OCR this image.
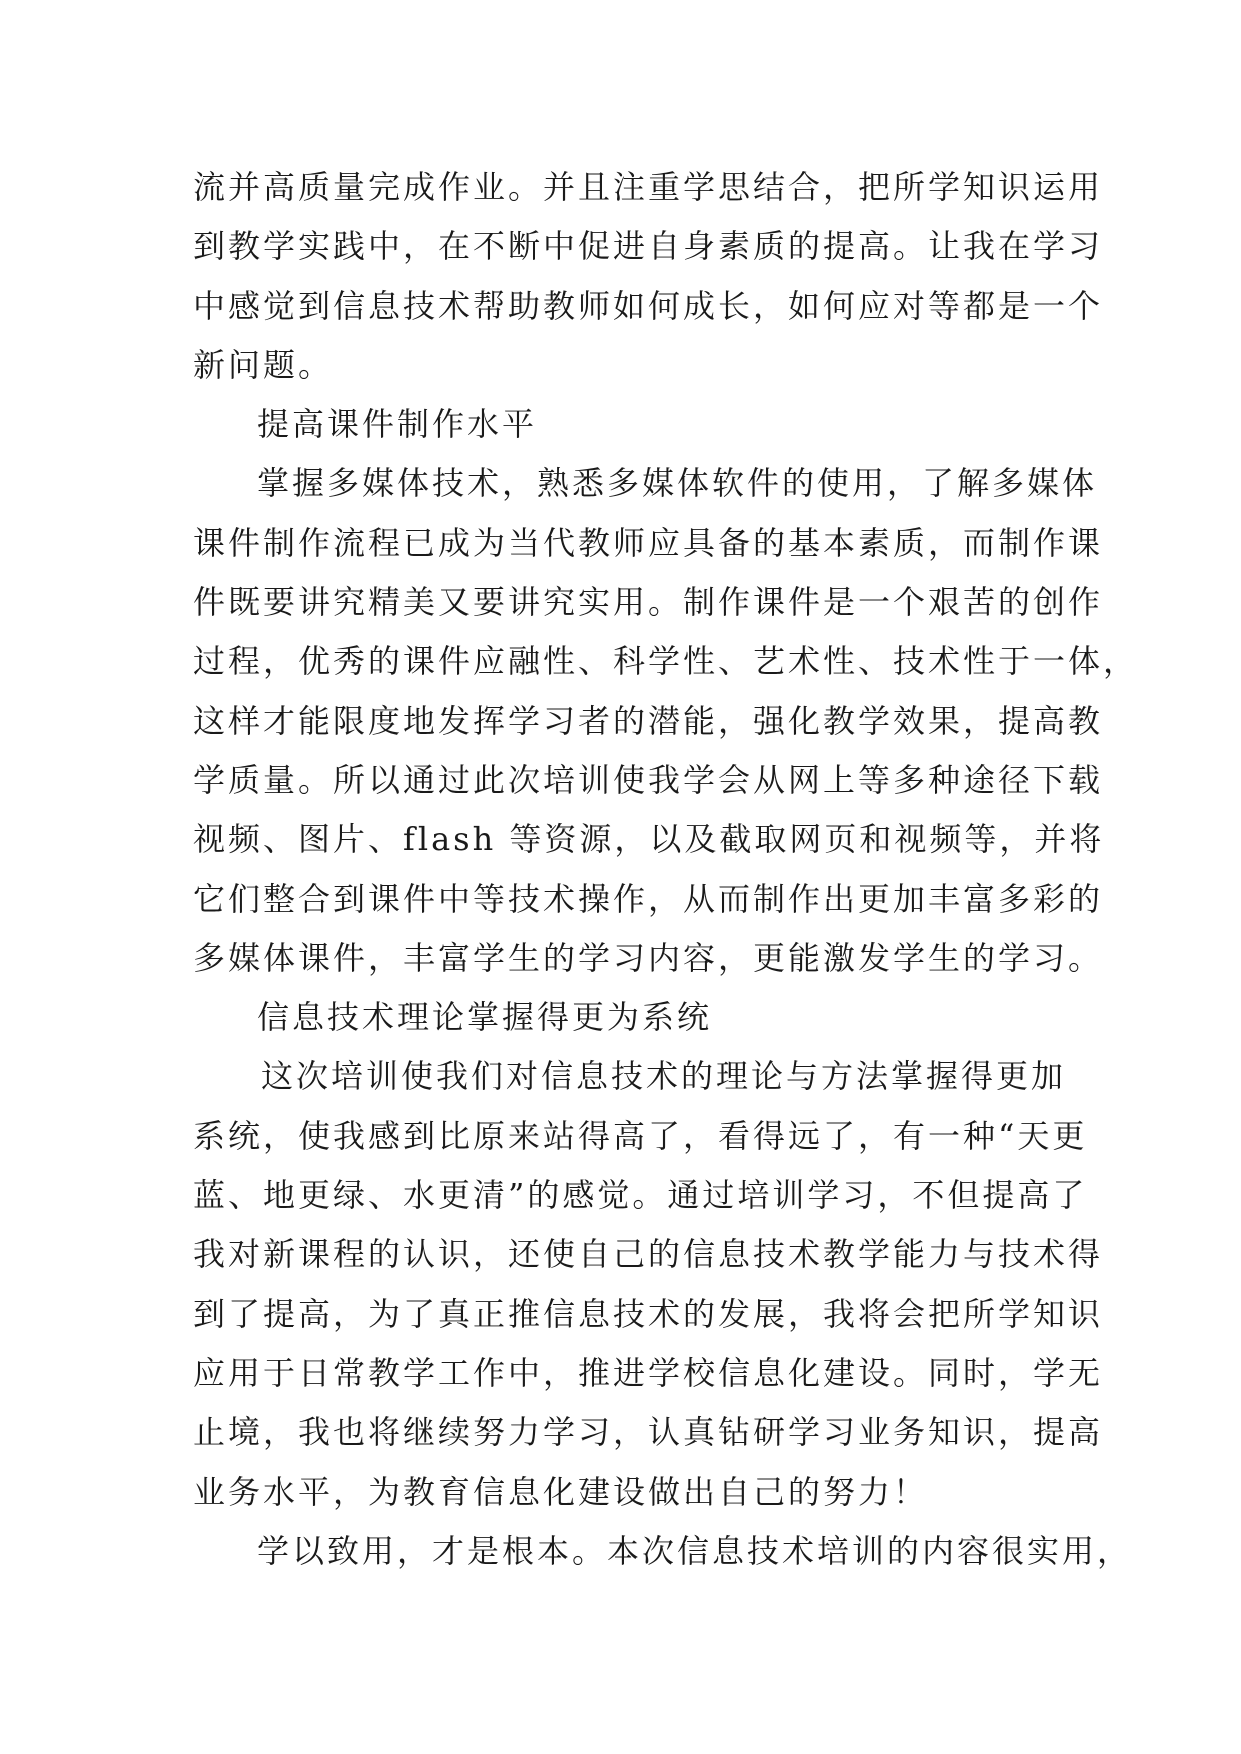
流并高质量完成作业。并且注重学思结合，把所学知识运用
到教学实践中，在不断中促进自身素质的提高。让我在学习
中感觉到信息技术帮助教师如何成长，如何应对等都是一个
新问题。
提高课件制作水平
掌握多媒体技术，熟悉多媒体软件的使用，了解多媒体
课件制作流程已成为当代教师应具备的基本素质，而制作课
件既要讲究精美又要讲究实用。制作课件是一个艰苦的创作
过程，优秀的课件应融性、科学性、艺术性、技术性于一体，
这样才能限度地发挥学习者的潜能，强化教学效果，提高教
学质量。所以通过此次培训使我学会从网上等多种途径下载
视频、图片、flash 等资源，以及截取网页和视频等，并将
它们整合到课件中等技术操作，从而制作出更加丰富多彩的
多媒体课件，丰富学生的学习内容，更能激发学生的学习。
信息技术理论掌握得更为系统
这次培训使我们对信息技术的理论与方法掌握得更加
系统，使我感到比原来站得高了，看得远了，有一种“天更
蓝、地更绿、水更清”的感觉。通过培训学习，不但提高了
我对新课程的认识，还使自己的信息技术教学能力与技术得
到了提高，为了真正推信息技术的发展，我将会把所学知识
应用于日常教学工作中，推进学校信息化建设。同时，学无
止境，我也将继续努力学习，认真钻研学习业务知识，提高
业务水平，为教育信息化建设做出自己的努力！
学以致用，才是根本。本次信息技术培训的内容很实用，
